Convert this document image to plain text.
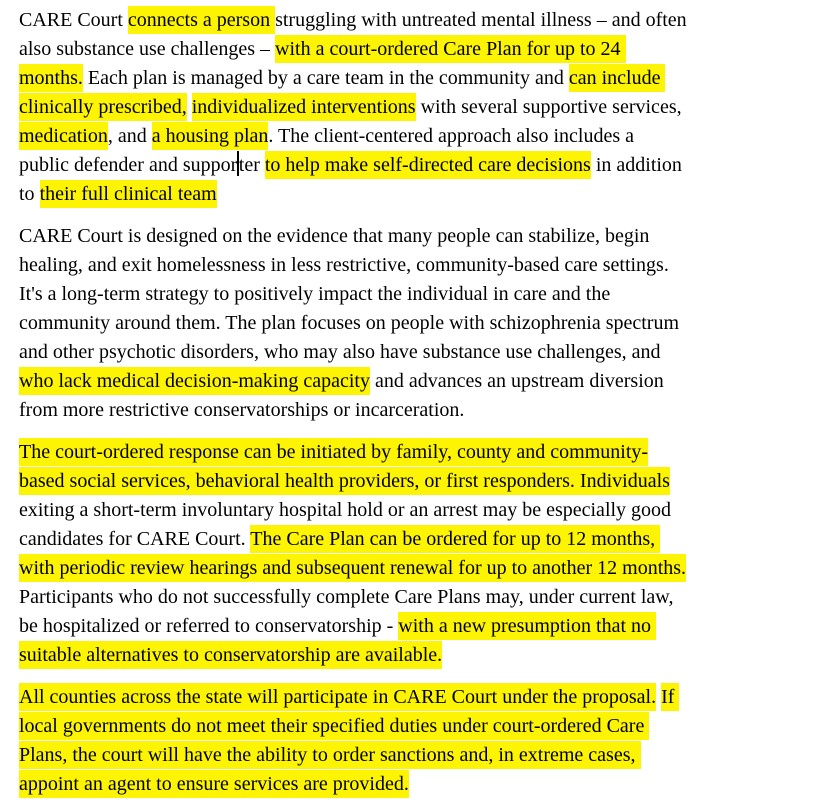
CARE Court connects a person struggling with untreated mental illness – and often
also substance use challenges – with a court-ordered Care Plan for up to 24
months. Each plan is managed by a care team in the community and can include
clinically prescribed, individualized interventions with several supportive services,
medication, and a housing plan. The client-centered approach also includes a
public defender and supporter to help make self-directed care decisions in addition
to their full clinical team
CARE Court is designed on the evidence that many people can stabilize, begin
healing, and exit homelessness in less restrictive, community-based care settings.
It's a long-term strategy to positively impact the individual in care and the
community around them. The plan focuses on people with schizophrenia spectrum
and other psychotic disorders, who may also have substance use challenges, and
who lack medical decision-making capacity and advances an upstream diversion
from more restrictive conservatorships or incarceration.
The court-ordered response can be initiated by family, county and community-
based social services, behavioral health providers, or first responders. Individuals
exiting a short-term involuntary hospital hold or an arrest may be especially good
candidates for CARE Court. The Care Plan can be ordered for up to 12 months,
with periodic review hearings and subsequent renewal for up to another 12 months.
Participants who do not successfully complete Care Plans may, under current law,
be hospitalized or referred to conservatorship - with a new presumption that no
suitable alternatives to conservatorship are available.
All counties across the state will participate in CARE Court under the proposal. If
local governments do not meet their specified duties under court-ordered Care
Plans, the court will have the ability to order sanctions and, in extreme cases,
appoint an agent to ensure services are provided.
